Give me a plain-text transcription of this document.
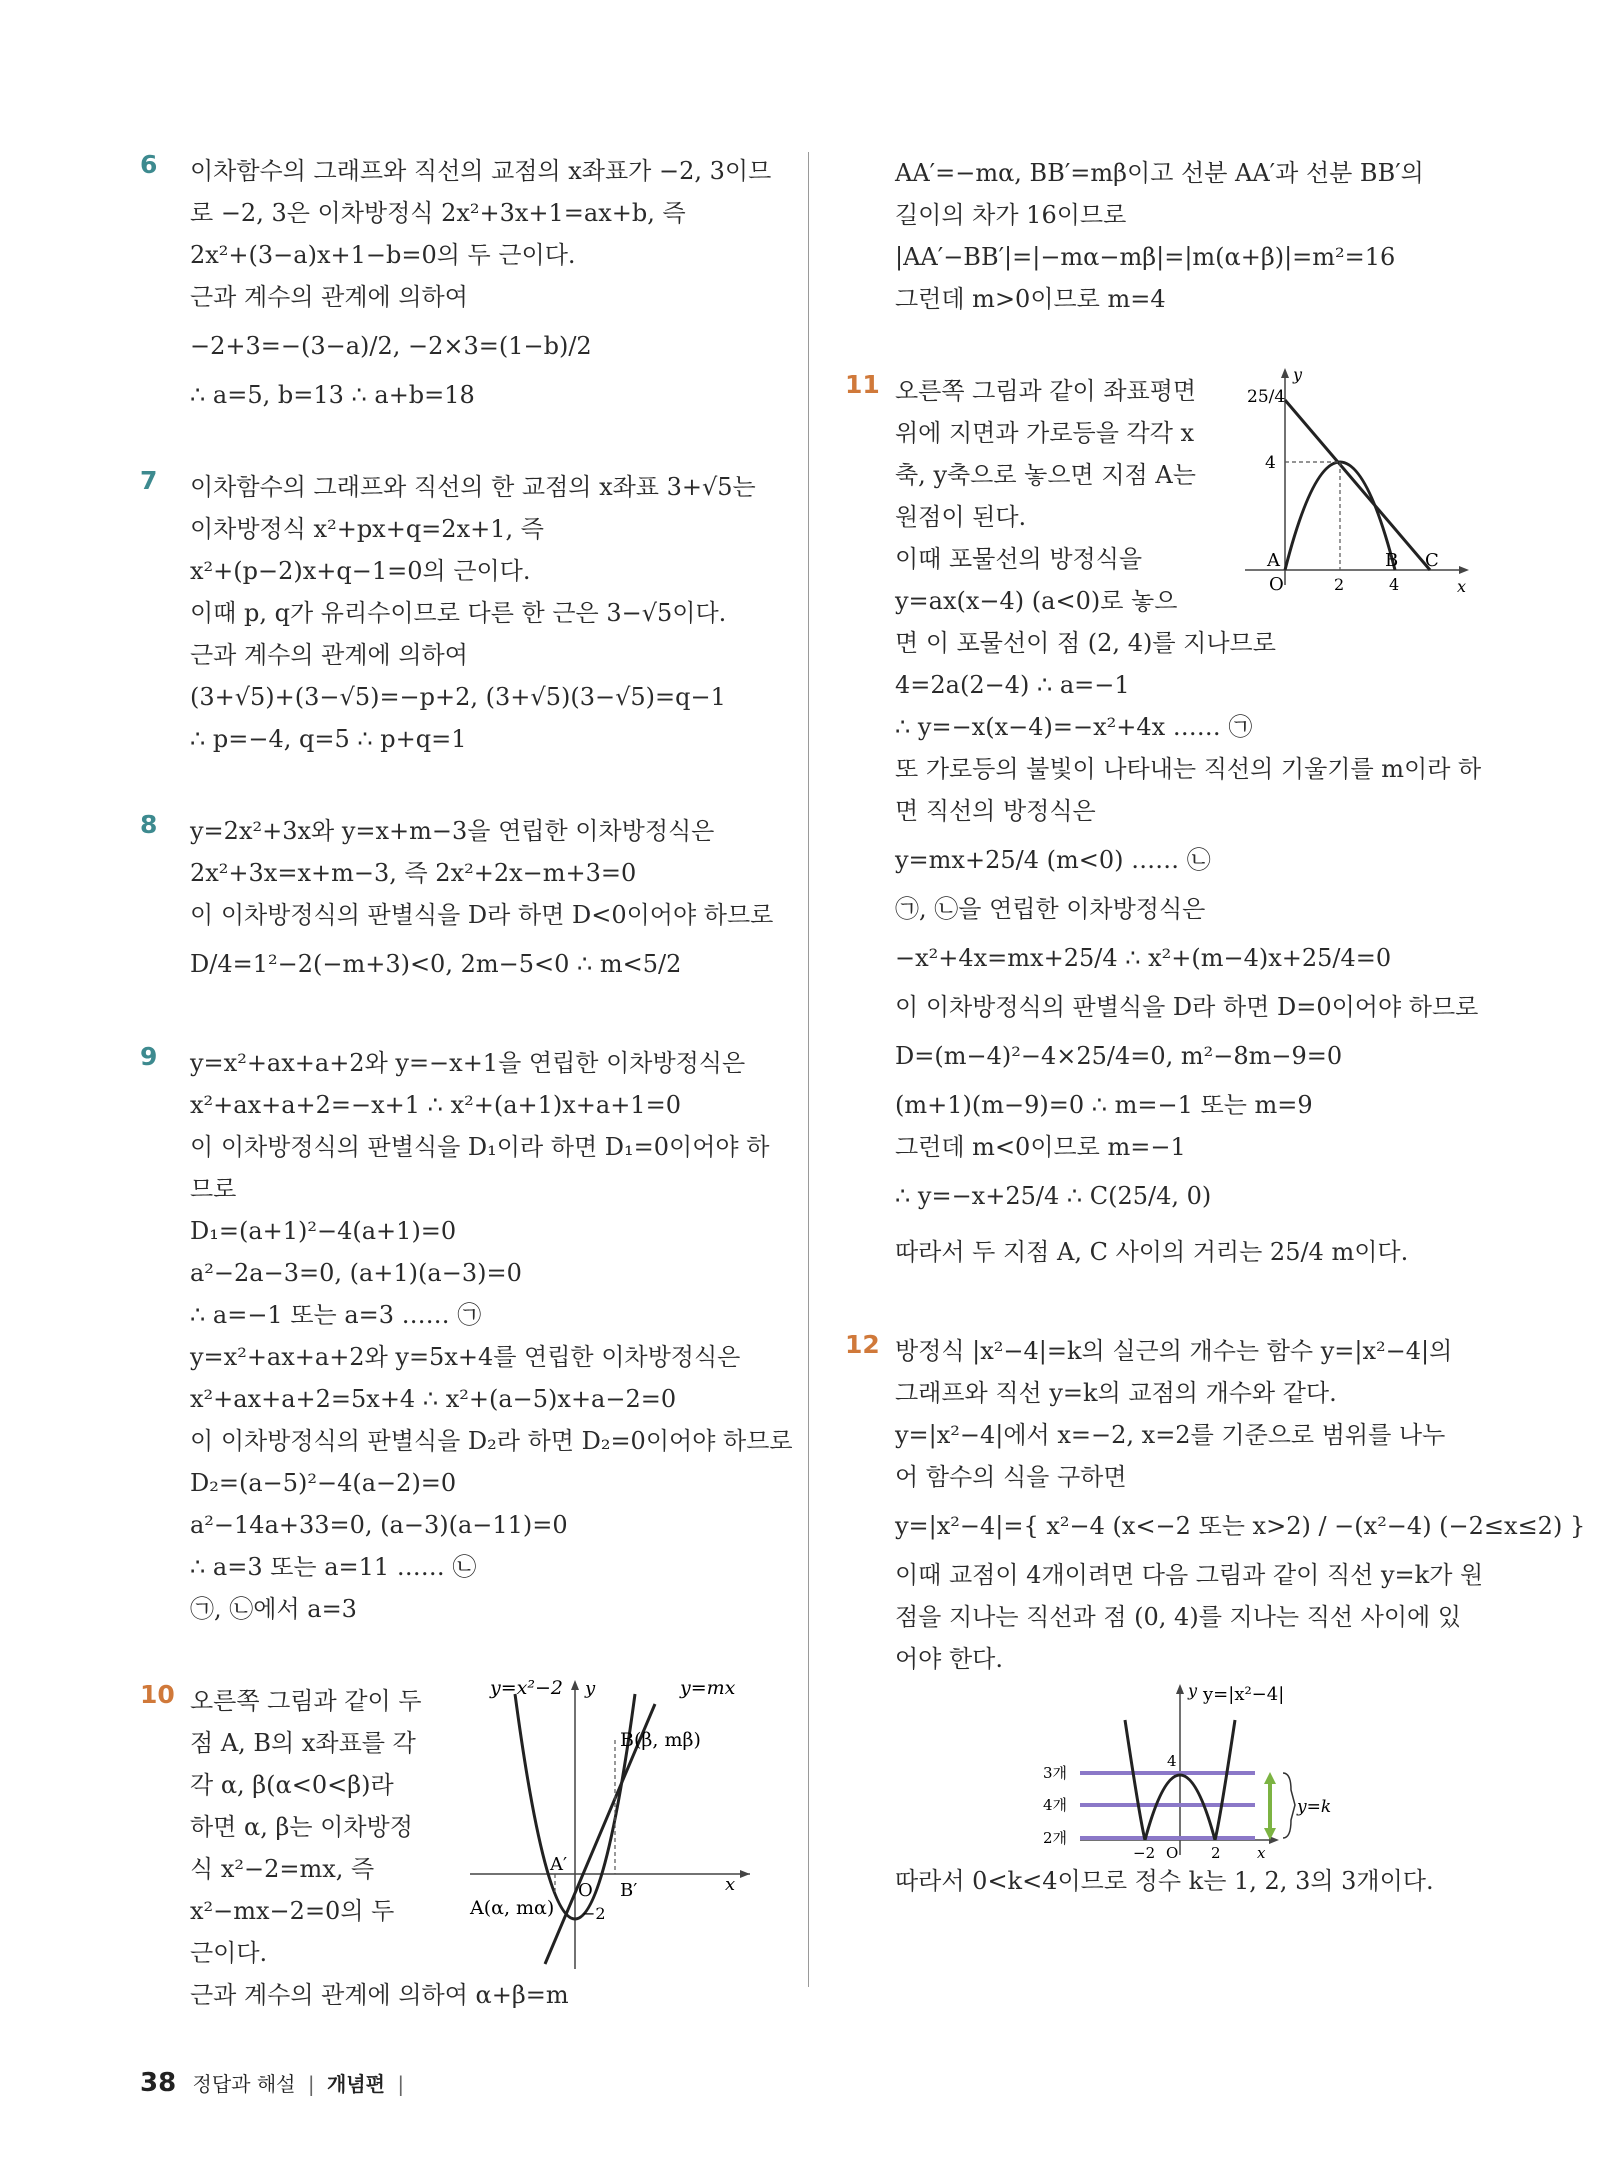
6	이차함수의 그래프와 직선의 교점의 x좌표가 −2, 3이므
로 −2, 3은 이차방정식 2x²+3x+1=ax+b, 즉
2x²+(3−a)x+1−b=0의 두 근이다.
근과 계수의 관계에 의하여
−2+3=−(3−a)/2, −2×3=(1−b)/2
∴ a=5, b=13 ∴ a+b=18
7	이차함수의 그래프와 직선의 한 교점의 x좌표 3+√5는
이차방정식 x²+px+q=2x+1, 즉
x²+(p−2)x+q−1=0의 근이다.
이때 p, q가 유리수이므로 다른 한 근은 3−√5이다.
근과 계수의 관계에 의하여
(3+√5)+(3−√5)=−p+2, (3+√5)(3−√5)=q−1
∴ p=−4, q=5 ∴ p+q=1
8	y=2x²+3x와 y=x+m−3을 연립한 이차방정식은
2x²+3x=x+m−3, 즉 2x²+2x−m+3=0
이 이차방정식의 판별식을 D라 하면 D<0이어야 하므로
D/4=1²−2(−m+3)<0, 2m−5<0 ∴ m<5/2
9	y=x²+ax+a+2와 y=−x+1을 연립한 이차방정식은
x²+ax+a+2=−x+1 ∴ x²+(a+1)x+a+1=0
이 이차방정식의 판별식을 D₁이라 하면 D₁=0이어야 하
므로
D₁=(a+1)²−4(a+1)=0
a²−2a−3=0, (a+1)(a−3)=0
∴ a=−1 또는 a=3 …… ㉠
y=x²+ax+a+2와 y=5x+4를 연립한 이차방정식은
x²+ax+a+2=5x+4 ∴ x²+(a−5)x+a−2=0
이 이차방정식의 판별식을 D₂라 하면 D₂=0이어야 하므로
D₂=(a−5)²−4(a−2)=0
a²−14a+33=0, (a−3)(a−11)=0
∴ a=3 또는 a=11 …… ㉡
㉠, ㉡에서 a=3
10 오른쪽 그림과 같이 두
점 A, B의 x좌표를 각
각 α, β(α<0<β)라
하면 α, β는 이차방정
식 x²−2=mx, 즉
x²−mx−2=0의 두
근이다.
근과 계수의 관계에 의하여 α+β=m
y=x²−2 y	y=mx
B(β, mβ)
x
A′
O B′
A(α, mα) −2
AA′=−mα, BB′=mβ이고 선분 AA′과 선분 BB′의
길이의 차가 16이므로
|AA′−BB′|=|−mα−mβ|=|m(α+β)|=m²=16
그런데 m>0이므로 m=4
11 오른쪽 그림과 같이 좌표평면
위에 지면과 가로등을 각각 x
축, y축으로 놓으면 지점 A는
원점이 된다.
이때 포물선의 방정식을
y=ax(x−4) (a<0)로 놓으
면 이 포물선이 점 (2, 4)를 지나므로
4=2a(2−4) ∴ a=−1
∴ y=−x(x−4)=−x²+4x …… ㉠
또 가로등의 불빛이 나타내는 직선의 기울기를 m이라 하
면 직선의 방정식은
y=mx+25/4 (m<0) …… ㉡
㉠, ㉡을 연립한 이차방정식은
−x²+4x=mx+25/4 ∴ x²+(m−4)x+25/4=0
이 이차방정식의 판별식을 D라 하면 D=0이어야 하므로
D=(m−4)²−4×25/4=0, m²−8m−9=0
(m+1)(m−9)=0 ∴ m=−1 또는 m=9
그런데 m<0이므로 m=−1
∴ y=−x+25/4 ∴ C(25/4, 0)
따라서 두 지점 A, C 사이의 거리는 25/4 m이다.
y
25/4
4
A	B C
O	2	4	x
12 방정식 |x²−4|=k의 실근의 개수는 함수 y=|x²−4|의
그래프와 직선 y=k의 교점의 개수와 같다.
y=|x²−4|에서 x=−2, x=2를 기준으로 범위를 나누
어 함수의 식을 구하면
y=|x²−4|={ x²−4 (x<−2 또는 x>2) / −(x²−4) (−2≤x≤2) }
이때 교점이 4개이려면 다음 그림과 같이 직선 y=k가 원
점을 지나는 직선과 점 (0, 4)를 지나는 직선 사이에 있
어야 한다.
y y=|x²−4|
4
3개
4개
2개
−2 O 2 x
y=k
따라서 0<k<4이므로 정수 k는 1, 2, 3의 3개이다.
38 정답과 해설 | 개념편 |
